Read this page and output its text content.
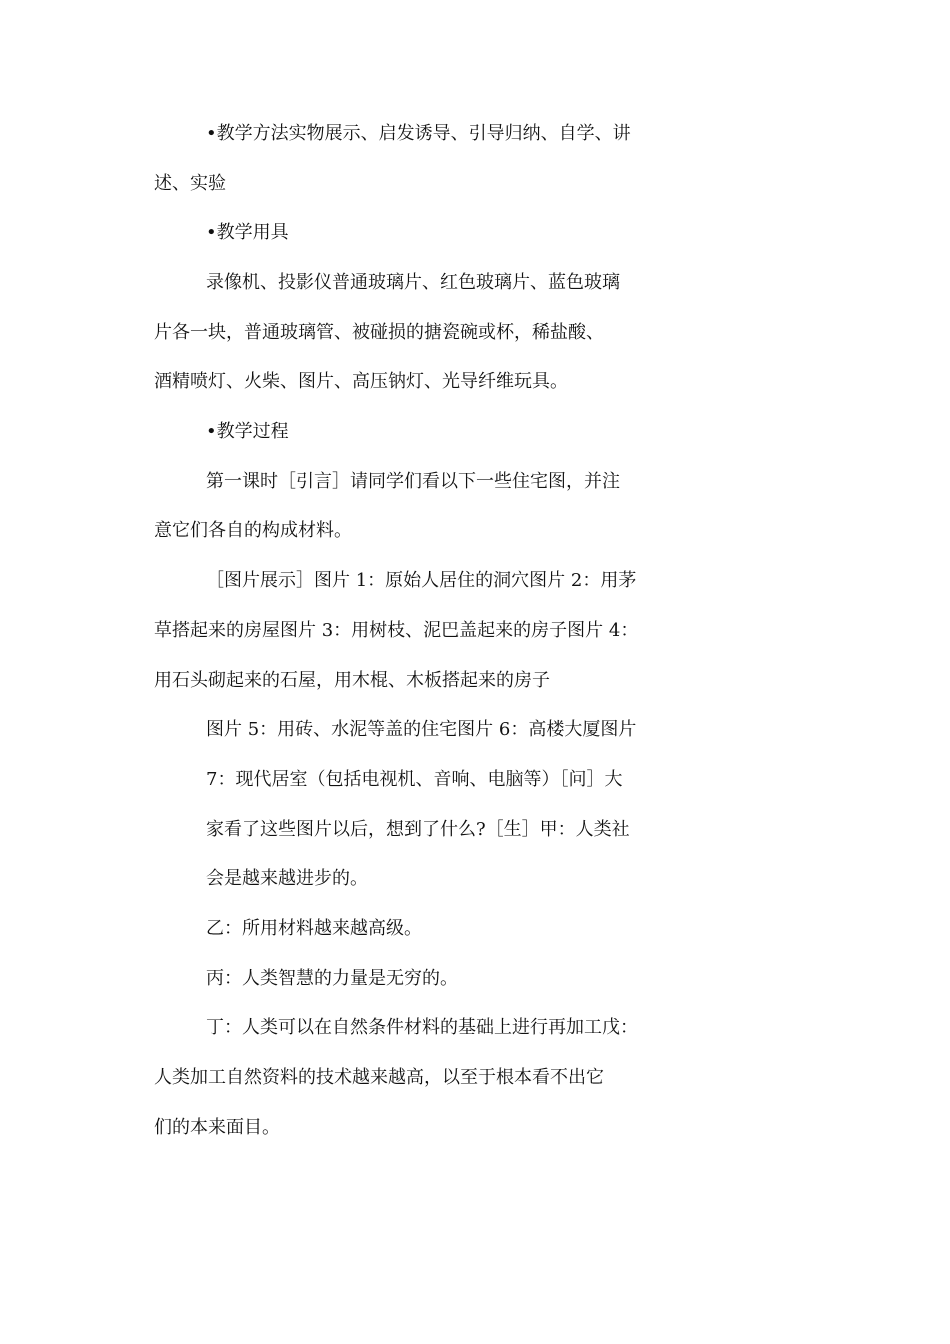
•教学方法实物展示、启发诱导、引导归纳、自学、讲
述、实验
•教学用具
录像机、投影仪普通玻璃片、红色玻璃片、蓝色玻璃
片各一块，普通玻璃管、被碰损的搪瓷碗或杯，稀盐酸、
酒精喷灯、火柴、图片、高压钠灯、光导纤维玩具。
•教学过程
第一课时［引言］请同学们看以下一些住宅图，并注
意它们各自的构成材料。
［图片展示］图片 1：原始人居住的洞穴图片 2：用茅
草搭起来的房屋图片 3：用树枝、泥巴盖起来的房子图片 4：
用石头砌起来的石屋，用木棍、木板搭起来的房子
图片 5：用砖、水泥等盖的住宅图片 6：高楼大厦图片
7：现代居室（包括电视机、音响、电脑等）［问］大
家看了这些图片以后，想到了什么?［生］甲：人类社
会是越来越进步的。
乙：所用材料越来越高级。
丙：人类智慧的力量是无穷的。
丁：人类可以在自然条件材料的基础上进行再加工戊：
人类加工自然资料的技术越来越高，以至于根本看不出它
们的本来面目。
